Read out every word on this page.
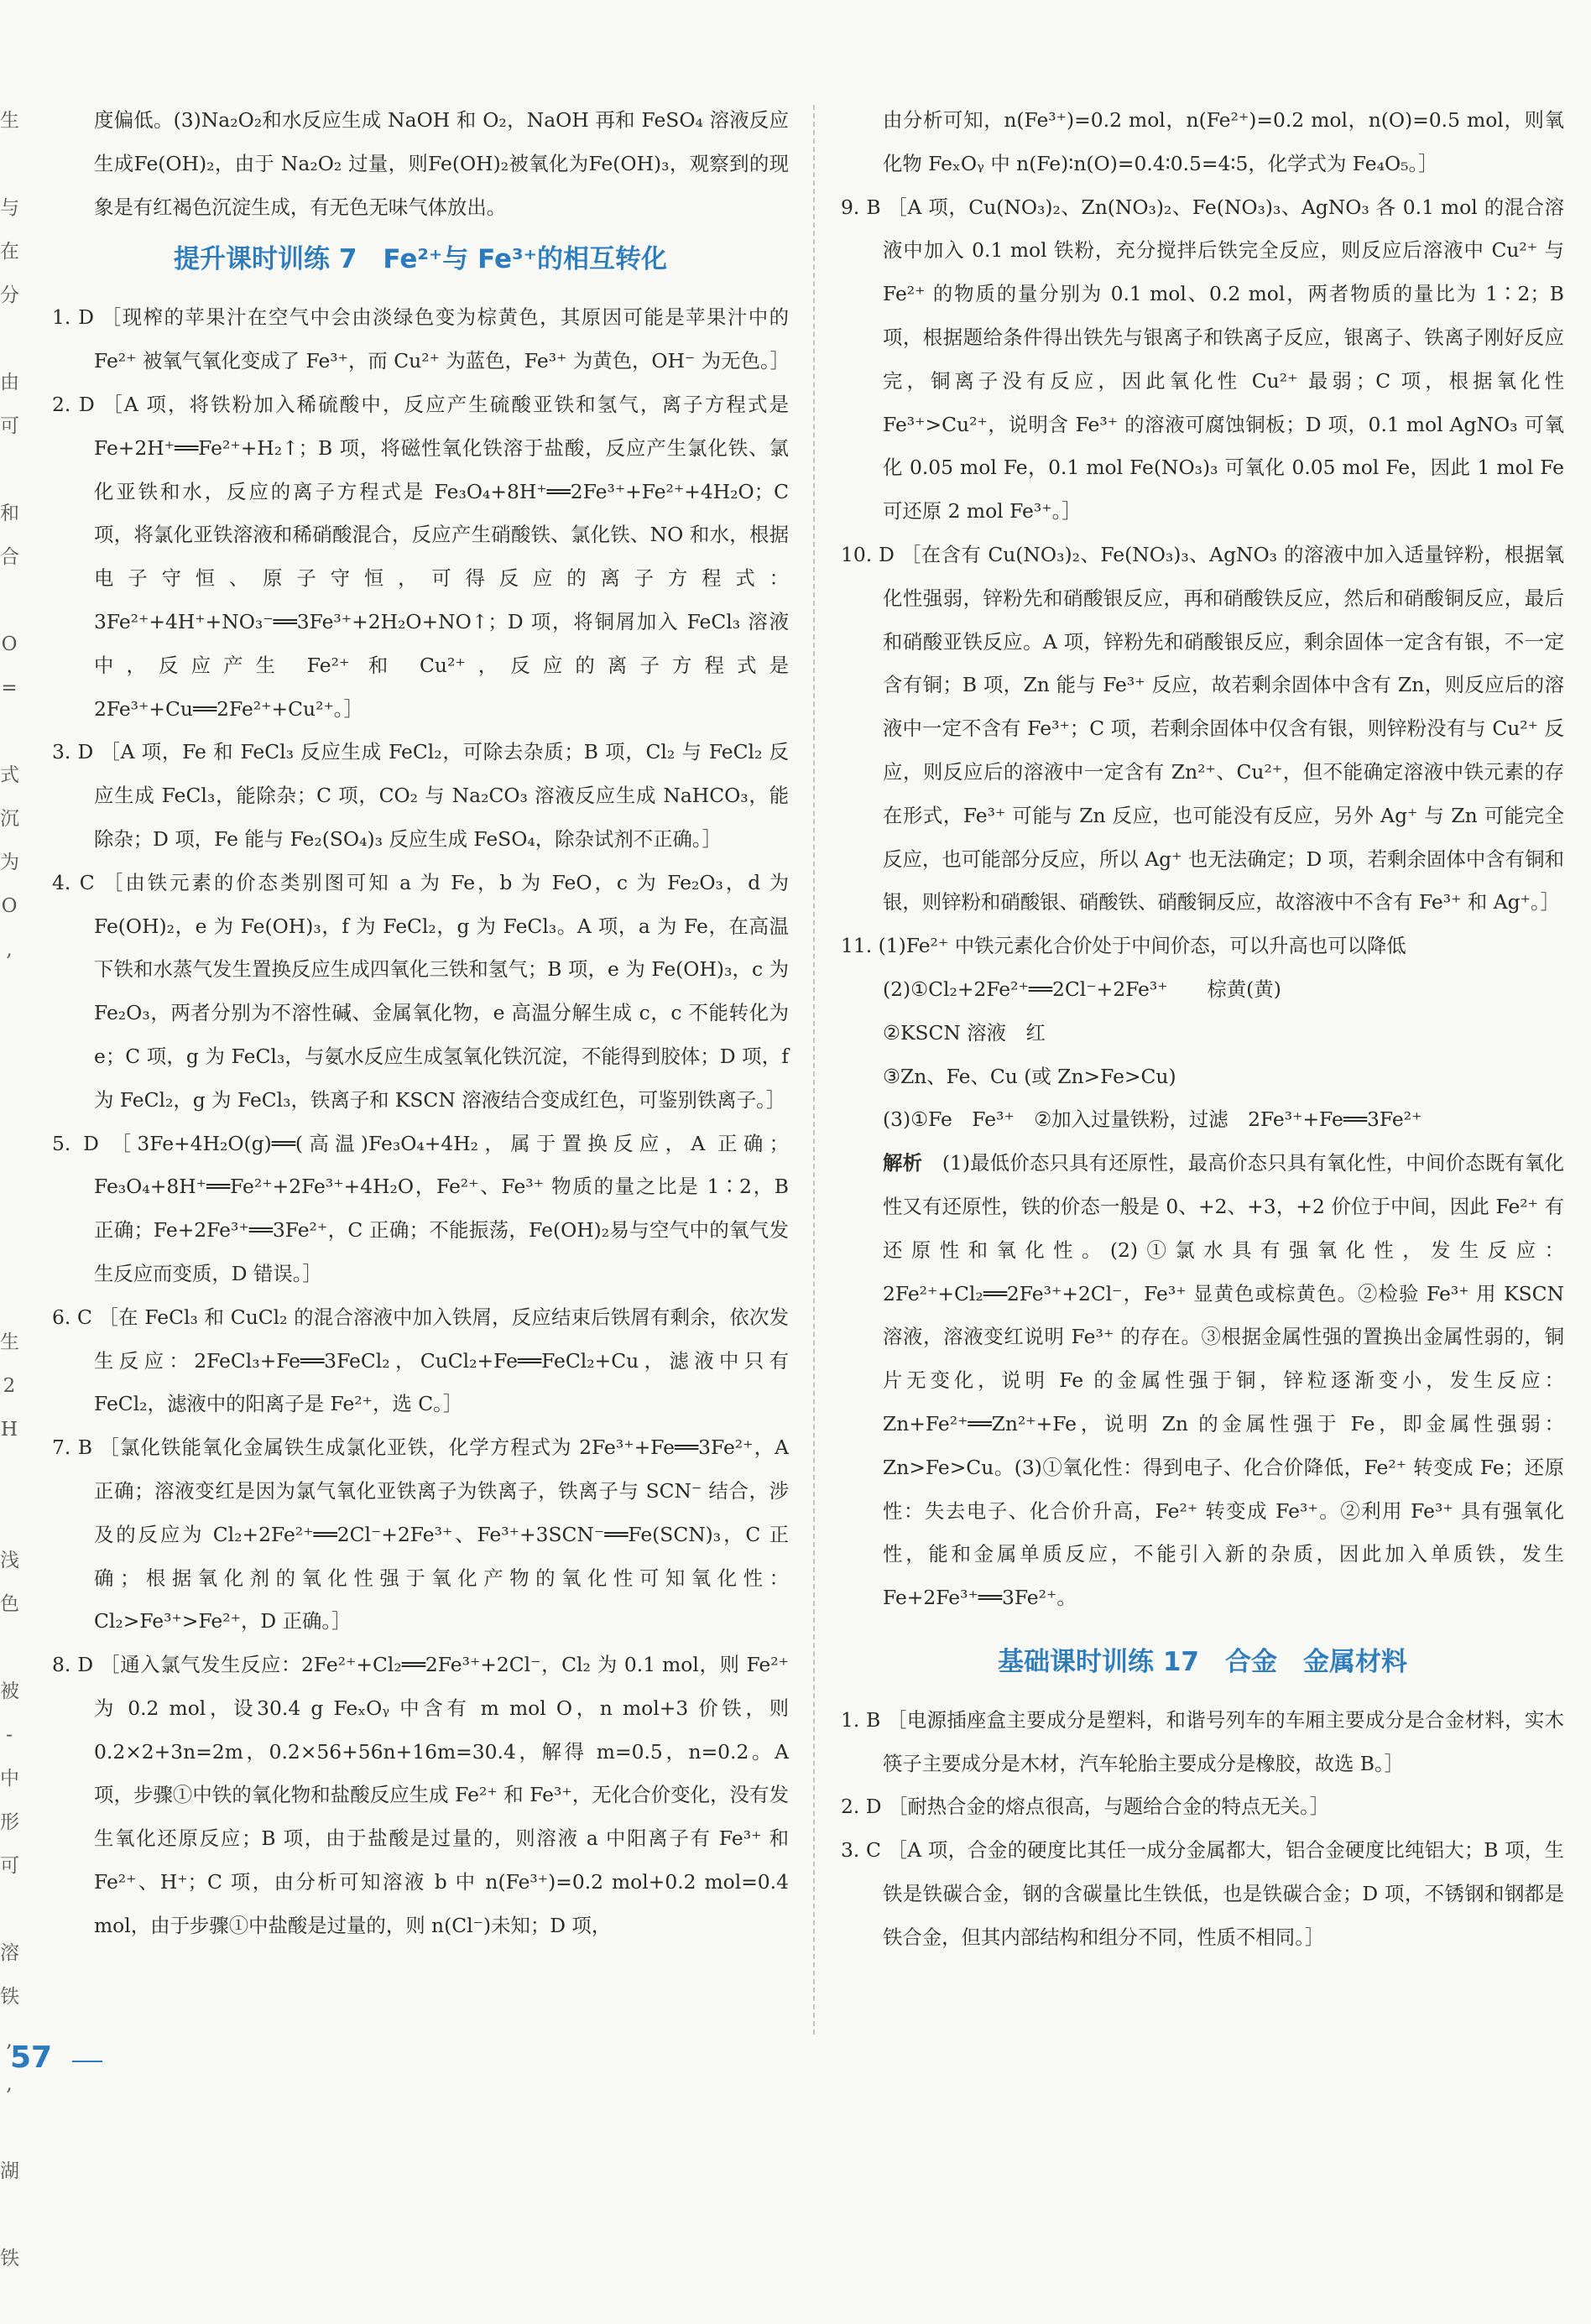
生

与
在
分

由
可

和
合

O
=

式
沉
为
O
,

生
2
H

浅
色

被
-
中
形
可

溶
铁
,
,

湖

铁

度偏低。(3)Na₂O₂和水反应生成 NaOH 和 O₂，NaOH 再和 FeSO₄ 溶液反应生成Fe(OH)₂，由于 Na₂O₂ 过量，则Fe(OH)₂被氧化为Fe(OH)₃，观察到的现象是有红褐色沉淀生成，有无色无味气体放出。
提升课时训练 7　Fe²⁺与 Fe³⁺的相互转化
1. D ［现榨的苹果汁在空气中会由淡绿色变为棕黄色，其原因可能是苹果汁中的 Fe²⁺ 被氧气氧化变成了 Fe³⁺，而 Cu²⁺ 为蓝色，Fe³⁺ 为黄色，OH⁻ 为无色。］
2. D ［A 项，将铁粉加入稀硫酸中，反应产生硫酸亚铁和氢气，离子方程式是 Fe+2H⁺══Fe²⁺+H₂↑；B 项，将磁性氧化铁溶于盐酸，反应产生氯化铁、氯化亚铁和水，反应的离子方程式是 Fe₃O₄+8H⁺══2Fe³⁺+Fe²⁺+4H₂O；C 项，将氯化亚铁溶液和稀硝酸混合，反应产生硝酸铁、氯化铁、NO 和水，根据电子守恒、原子守恒，可得反应的离子方程式：3Fe²⁺+4H⁺+NO₃⁻══3Fe³⁺+2H₂O+NO↑；D 项，将铜屑加入 FeCl₃ 溶液中，反应产生 Fe²⁺ 和 Cu²⁺，反应的离子方程式是 2Fe³⁺+Cu══2Fe²⁺+Cu²⁺。］
3. D ［A 项，Fe 和 FeCl₃ 反应生成 FeCl₂，可除去杂质；B 项，Cl₂ 与 FeCl₂ 反应生成 FeCl₃，能除杂；C 项，CO₂ 与 Na₂CO₃ 溶液反应生成 NaHCO₃，能除杂；D 项，Fe 能与 Fe₂(SO₄)₃ 反应生成 FeSO₄，除杂试剂不正确。］
4. C ［由铁元素的价态类别图可知 a 为 Fe，b 为 FeO，c 为 Fe₂O₃，d 为 Fe(OH)₂，e 为 Fe(OH)₃，f 为 FeCl₂，g 为 FeCl₃。A 项，a 为 Fe，在高温下铁和水蒸气发生置换反应生成四氧化三铁和氢气；B 项，e 为 Fe(OH)₃，c 为 Fe₂O₃，两者分别为不溶性碱、金属氧化物，e 高温分解生成 c，c 不能转化为 e；C 项，g 为 FeCl₃，与氨水反应生成氢氧化铁沉淀，不能得到胶体；D 项，f 为 FeCl₂，g 为 FeCl₃，铁离子和 KSCN 溶液结合变成红色，可鉴别铁离子。］
5. D ［3Fe+4H₂O(g)══(高温)Fe₃O₄+4H₂，属于置换反应，A 正确；Fe₃O₄+8H⁺══Fe²⁺+2Fe³⁺+4H₂O，Fe²⁺、Fe³⁺ 物质的量之比是 1∶2，B 正确；Fe+2Fe³⁺══3Fe²⁺，C 正确；不能振荡，Fe(OH)₂易与空气中的氧气发生反应而变质，D 错误。］
6. C ［在 FeCl₃ 和 CuCl₂ 的混合溶液中加入铁屑，反应结束后铁屑有剩余，依次发生反应：2FeCl₃+Fe══3FeCl₂，CuCl₂+Fe══FeCl₂+Cu，滤液中只有 FeCl₂，滤液中的阳离子是 Fe²⁺，选 C。］
7. B ［氯化铁能氧化金属铁生成氯化亚铁，化学方程式为 2Fe³⁺+Fe══3Fe²⁺，A 正确；溶液变红是因为氯气氧化亚铁离子为铁离子，铁离子与 SCN⁻ 结合，涉及的反应为 Cl₂+2Fe²⁺══2Cl⁻+2Fe³⁺、Fe³⁺+3SCN⁻══Fe(SCN)₃，C 正确；根据氧化剂的氧化性强于氧化产物的氧化性可知氧化性：Cl₂>Fe³⁺>Fe²⁺，D 正确。］
8. D ［通入氯气发生反应：2Fe²⁺+Cl₂══2Fe³⁺+2Cl⁻，Cl₂ 为 0.1 mol，则 Fe²⁺ 为 0.2 mol，设30.4 g FeₓOᵧ 中含有 m mol O，n mol+3 价铁，则 0.2×2+3n=2m，0.2×56+56n+16m=30.4，解得 m=0.5，n=0.2。A 项，步骤①中铁的氧化物和盐酸反应生成 Fe²⁺ 和 Fe³⁺，无化合价变化，没有发生氧化还原反应；B 项，由于盐酸是过量的，则溶液 a 中阳离子有 Fe³⁺ 和 Fe²⁺、H⁺；C 项，由分析可知溶液 b 中 n(Fe³⁺)=0.2 mol+0.2 mol=0.4 mol，由于步骤①中盐酸是过量的，则 n(Cl⁻)未知；D 项，
由分析可知，n(Fe³⁺)=0.2 mol，n(Fe²⁺)=0.2 mol，n(O)=0.5 mol，则氧化物 FeₓOᵧ 中 n(Fe)∶n(O)=0.4∶0.5=4∶5，化学式为 Fe₄O₅。］
9. B ［A 项，Cu(NO₃)₂、Zn(NO₃)₂、Fe(NO₃)₃、AgNO₃ 各 0.1 mol 的混合溶液中加入 0.1 mol 铁粉，充分搅拌后铁完全反应，则反应后溶液中 Cu²⁺ 与 Fe²⁺ 的物质的量分别为 0.1 mol、0.2 mol，两者物质的量比为 1∶2；B 项，根据题给条件得出铁先与银离子和铁离子反应，银离子、铁离子刚好反应完，铜离子没有反应，因此氧化性 Cu²⁺ 最弱；C 项，根据氧化性 Fe³⁺>Cu²⁺，说明含 Fe³⁺ 的溶液可腐蚀铜板；D 项，0.1 mol AgNO₃ 可氧化 0.05 mol Fe，0.1 mol Fe(NO₃)₃ 可氧化 0.05 mol Fe，因此 1 mol Fe 可还原 2 mol Fe³⁺。］
10. D ［在含有 Cu(NO₃)₂、Fe(NO₃)₃、AgNO₃ 的溶液中加入适量锌粉，根据氧化性强弱，锌粉先和硝酸银反应，再和硝酸铁反应，然后和硝酸铜反应，最后和硝酸亚铁反应。A 项，锌粉先和硝酸银反应，剩余固体一定含有银，不一定含有铜；B 项，Zn 能与 Fe³⁺ 反应，故若剩余固体中含有 Zn，则反应后的溶液中一定不含有 Fe³⁺；C 项，若剩余固体中仅含有银，则锌粉没有与 Cu²⁺ 反应，则反应后的溶液中一定含有 Zn²⁺、Cu²⁺，但不能确定溶液中铁元素的存在形式，Fe³⁺ 可能与 Zn 反应，也可能没有反应，另外 Ag⁺ 与 Zn 可能完全反应，也可能部分反应，所以 Ag⁺ 也无法确定；D 项，若剩余固体中含有铜和银，则锌粉和硝酸银、硝酸铁、硝酸铜反应，故溶液中不含有 Fe³⁺ 和 Ag⁺。］
11. (1)Fe²⁺ 中铁元素化合价处于中间价态，可以升高也可以降低
(2)①Cl₂+2Fe²⁺══2Cl⁻+2Fe³⁺　　棕黄(黄)
②KSCN 溶液　红
③Zn、Fe、Cu (或 Zn>Fe>Cu)
(3)①Fe　Fe³⁺　②加入过量铁粉，过滤　2Fe³⁺+Fe══3Fe²⁺
解析　 (1)最低价态只具有还原性，最高价态只具有氧化性，中间价态既有氧化性又有还原性，铁的价态一般是 0、+2、+3，+2 价位于中间，因此 Fe²⁺ 有还原性和氧化性。(2)①氯水具有强氧化性，发生反应：2Fe²⁺+Cl₂══2Fe³⁺+2Cl⁻，Fe³⁺ 显黄色或棕黄色。②检验 Fe³⁺ 用 KSCN 溶液，溶液变红说明 Fe³⁺ 的存在。③根据金属性强的置换出金属性弱的，铜片无变化，说明 Fe 的金属性强于铜，锌粒逐渐变小，发生反应：Zn+Fe²⁺══Zn²⁺+Fe，说明 Zn 的金属性强于 Fe，即金属性强弱：Zn>Fe>Cu。(3)①氧化性：得到电子、化合价降低，Fe²⁺ 转变成 Fe；还原性：失去电子、化合价升高，Fe²⁺ 转变成 Fe³⁺。②利用 Fe³⁺ 具有强氧化性，能和金属单质反应，不能引入新的杂质，因此加入单质铁，发生 Fe+2Fe³⁺══3Fe²⁺。
基础课时训练 17　合金　金属材料
1. B ［电源插座盒主要成分是塑料，和谐号列车的车厢主要成分是合金材料，实木筷子主要成分是木材，汽车轮胎主要成分是橡胶，故选 B。］
2. D ［耐热合金的熔点很高，与题给合金的特点无关。］
3. C ［A 项，合金的硬度比其任一成分金属都大，铝合金硬度比纯铝大；B 项，生铁是铁碳合金，钢的含碳量比生铁低，也是铁碳合金；D 项，不锈钢和钢都是铁合金，但其内部结构和组分不同，性质不相同。］
57
